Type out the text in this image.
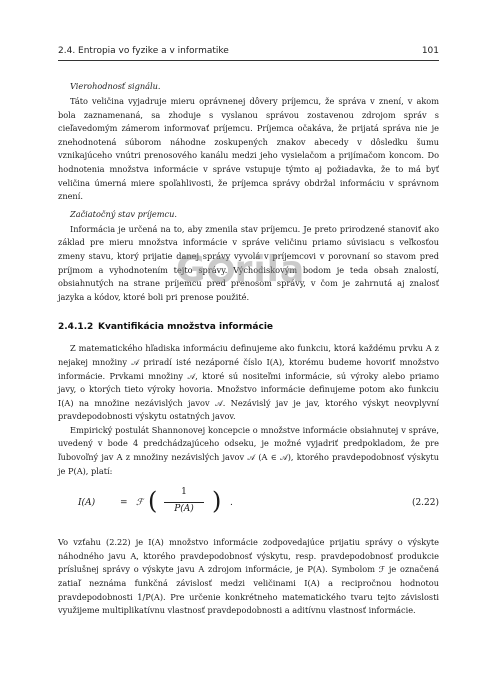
2.4. Entropia vo fyzike a v informatike	101
Vierohodnosť signálu.

Táto veličina vyjadruje mieru oprávnenej dôvery príjemcu, že správa v znení, v akom bola zaznamenaná, sa zhoduje s vyslanou správou zostavenou zdrojom správ s cieľavedomým zámerom informovať príjemcu. Príjemca očakáva, že prijatá správa nie je znehodnotená súborom náhodne zoskupených znakov abecedy v dôsledku šumu vznikajúceho vnútri prenosového kanálu medzi jeho vysielačom a prijímačom koncom. Do hodnotenia množstva informácie v správe vstupuje týmto aj požiadavka, že to má byť veličina úmerná miere spoľahlivosti, že príjemca správy obdržal informáciu v správnom znení.

Začiatočný stav príjemcu.

Informácia je určená na to, aby zmenila stav príjemcu. Je preto prirodzené stanoviť ako základ pre mieru množstva informácie v správe veličinu priamo súvisiacu s veľkosťou zmeny stavu, ktorý prijatie danej správy vyvolá v príjemcovi v porovnaní so stavom pred príjmom a vyhodnotením tejto správy. Východiskovým bodom je teda obsah znalostí, obsiahnutých na strane príjemcu pred prenosom správy, v čom je zahrnutá aj znalosť jazyka a kódov, ktoré boli pri prenose použité.

2.4.1.2 Kvantifikácia množstva informácie

Z matematického hľadiska informáciu definujeme ako funkciu, ktorá každému prvku A z nejakej množiny 𝒜 priradí isté nezáporné číslo I(A), ktorému budeme hovoriť množstvo informácie. Prvkami množiny 𝒜, ktoré sú nositeľmi informácie, sú výroky alebo priamo javy, o ktorých tieto výroky hovoria. Množstvo informácie definujeme potom ako funkciu I(A) na množine nezávislých javov 𝒜. Nezávislý jav je jav, ktorého výskyt neovplyvní pravdepodobnosti výskytu ostatných javov.

Empirický postulát Shannonovej koncepcie o množstve informácie obsiahnutej v správe, uvedený v bode 4 predchádzajúceho odseku, je možné vyjadriť predpokladom, že pre ľubovoľný jav A z množiny nezávislých javov 𝒜 (A ∈ 𝒜), ktorého pravdepodobnosť výskytu je P(A), platí:

I(A)	= ℱ (	1
P(A) ) .	(2.22)

Vo vzťahu (2.22) je I(A) množstvo informácie zodpovedajúce prijatiu správy o výskyte náhodného javu A, ktorého pravdepodobnosť výskytu, resp. pravdepodobnosť produkcie príslušnej správy o výskyte javu A zdrojom informácie, je P(A). Symbolom ℱ je označená zatiaľ neznáma funkčná závislosť medzi veličinami I(A) a recipročnou hodnotou pravdepodobnosti 1/P(A). Pre určenie konkrétneho matematického tvaru tejto závislosti využijeme multiplikatívnu vlastnosť pravdepodobnosti a aditívnu vlastnosť informácie.

G rila
